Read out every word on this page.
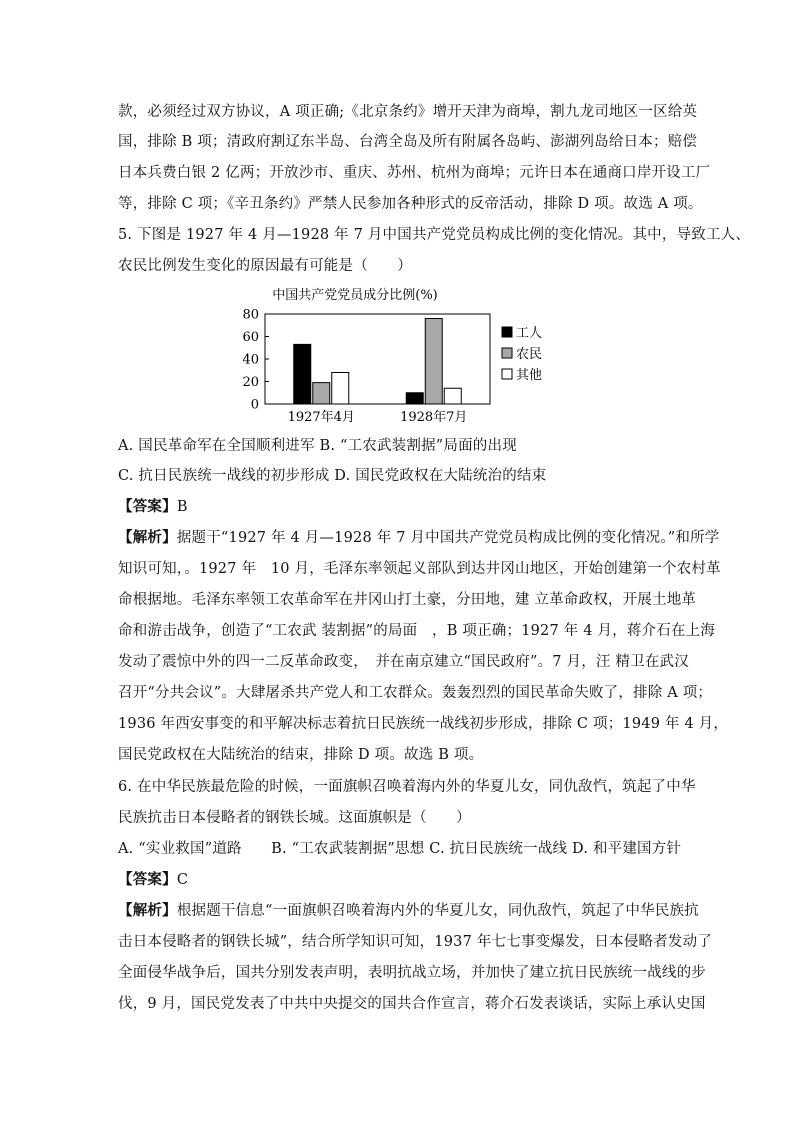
款，必须经过双方协议，A 项正确;《北京条约》增开天津为商埠，割九龙司地区一区给英
国，排除 B 项；清政府割辽东半岛、台湾全岛及所有附属各岛屿、澎湖列岛给日本；赔偿
日本兵费白银 2 亿两；开放沙市、重庆、苏州、杭州为商埠；元许日本在通商口岸开设工厂
等，排除 C 项；《辛丑条约》严禁人民参加各种形式的反帝活动，排除 D 项。故选 A 项。
5. 下图是 1927 年 4 月—1928 年 7 月中国共产党党员构成比例的变化情况。其中，导致工人、
农民比例发生变化的原因最有可能是（　　）
中国共产党党员成分比例(%)
0
20
40
60
80
1927年4月	1928年7月
工人
农民
其他
A. 国民革命军在全国顺利进军 B. “工农武装割据”局面的出现
C. 抗日民族统一战线的初步形成 D. 国民党政权在大陆统治的结束
【答案】B
【解析】据题干“1927 年 4 月—1928 年 7 月中国共产党党员构成比例的变化情况。”和所学
知识可知，。1927 年　10 月，毛泽东率领起义部队到达井冈山地区，开始创建第一个农村革
命根据地。毛泽东率领工农革命军在井冈山打土豪，分田地，建 立革命政权，开展土地革
命和游击战争，创造了“工农武 装割据”的局面　，B 项正确；1927 年 4 月，蒋介石在上海
发动了震惊中外的四一二反革命政变，　并在南京建立“国民政府”。7 月，汪 精卫在武汉
召开“分共会议”。大肆屠杀共产党人和工农群众。轰轰烈烈的国民革命失败了，排除 A 项；
1936 年西安事变的和平解决标志着抗日民族统一战线初步形成，排除 C 项；1949 年 4 月，
国民党政权在大陆统治的结束，排除 D 项。故选 B 项。
6. 在中华民族最危险的时候，一面旗帜召唤着海内外的华夏儿女，同仇敌忾，筑起了中华
民族抗击日本侵略者的钢铁长城。这面旗帜是（　　）
A. “实业救国”道路　　B. “工农武装割据”思想 C. 抗日民族统一战线 D. 和平建国方针
【答案】C
【解析】根据题干信息“一面旗帜召唤着海内外的华夏儿女，同仇敌忾，筑起了中华民族抗
击日本侵略者的钢铁长城”，结合所学知识可知，1937 年七七事变爆发，日本侵略者发动了
全面侵华战争后，国共分别发表声明，表明抗战立场，并加快了建立抗日民族统一战线的步
伐，9 月，国民党发表了中共中央提交的国共合作宣言，蒋介石发表谈话，实际上承认史国
